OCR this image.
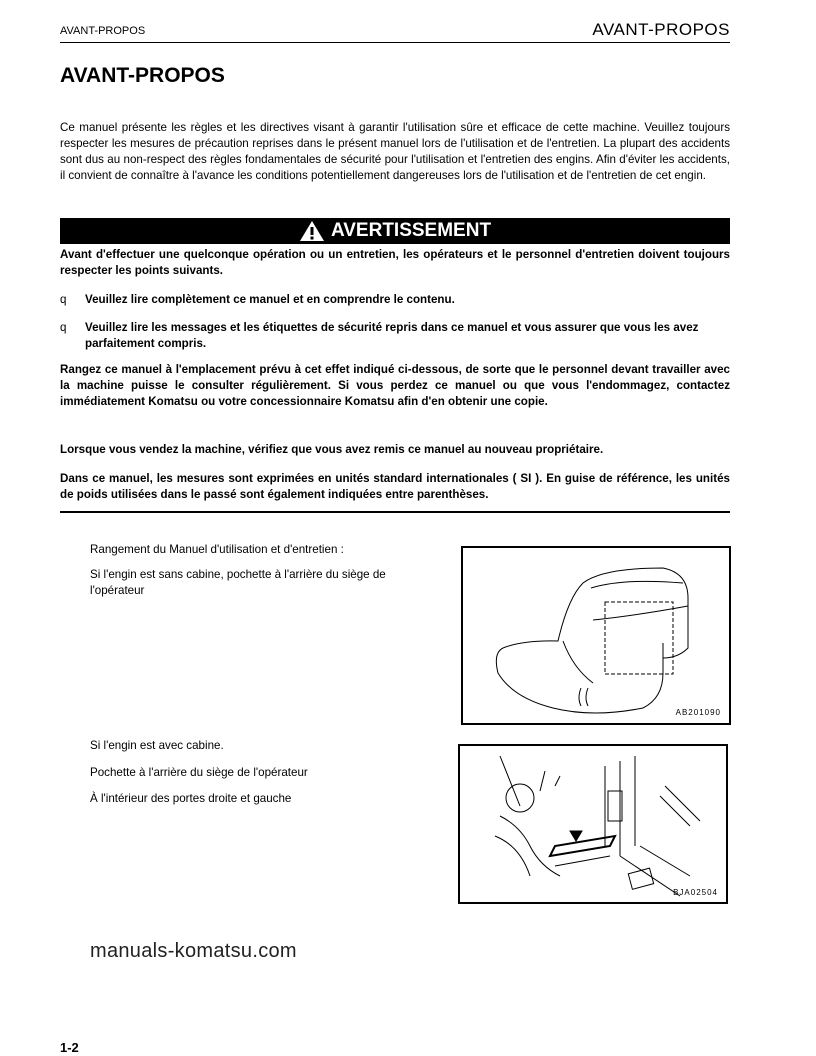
AVANT-PROPOS	AVANT-PROPOS
AVANT-PROPOS
Ce manuel présente les règles et les directives visant à garantir l'utilisation sûre et efficace de cette machine. Veuillez toujours respecter les mesures de précaution reprises dans le présent manuel lors de l'utilisation et de l'entretien. La plupart des accidents sont dus au non-respect des règles fondamentales de sécurité pour l'utilisation et l'entretien des engins. Afin d'éviter les accidents, il convient de connaître à l'avance les conditions potentiellement dangereuses lors de l'utilisation et de l'entretien de cet engin.
manuals-komatsu.com
AVERTISSEMENT
Avant d'effectuer une quelconque opération ou un entretien, les opérateurs et le personnel d'entretien doivent toujours respecter les points suivants.
q	Veuillez lire complètement ce manuel et en comprendre le contenu.
q	Veuillez lire les messages et les étiquettes de sécurité repris dans ce manuel et vous assurer que vous les avez parfaitement compris.
Rangez ce manuel à l'emplacement prévu à cet effet indiqué ci-dessous, de sorte que le personnel devant travailler avec la machine puisse le consulter régulièrement. Si vous perdez ce manuel ou que vous l'endommagez, contactez immédiatement Komatsu ou votre concessionnaire Komatsu afin d'en obtenir une copie.
Lorsque vous vendez la machine, vérifiez que vous avez remis ce manuel au nouveau propriétaire.
Dans ce manuel, les mesures sont exprimées en unités standard internationales ( SI ). En guise de référence, les unités de poids utilisées dans le passé sont également indiquées entre parenthèses.
Rangement du Manuel d'utilisation et d'entretien :
Si l'engin est sans cabine, pochette à l'arrière du siège de l'opérateur
Si l'engin est avec cabine.
Pochette à l'arrière du siège de l'opérateur
À l'intérieur des portes droite et gauche
AB201090
BJA02504
1-2
